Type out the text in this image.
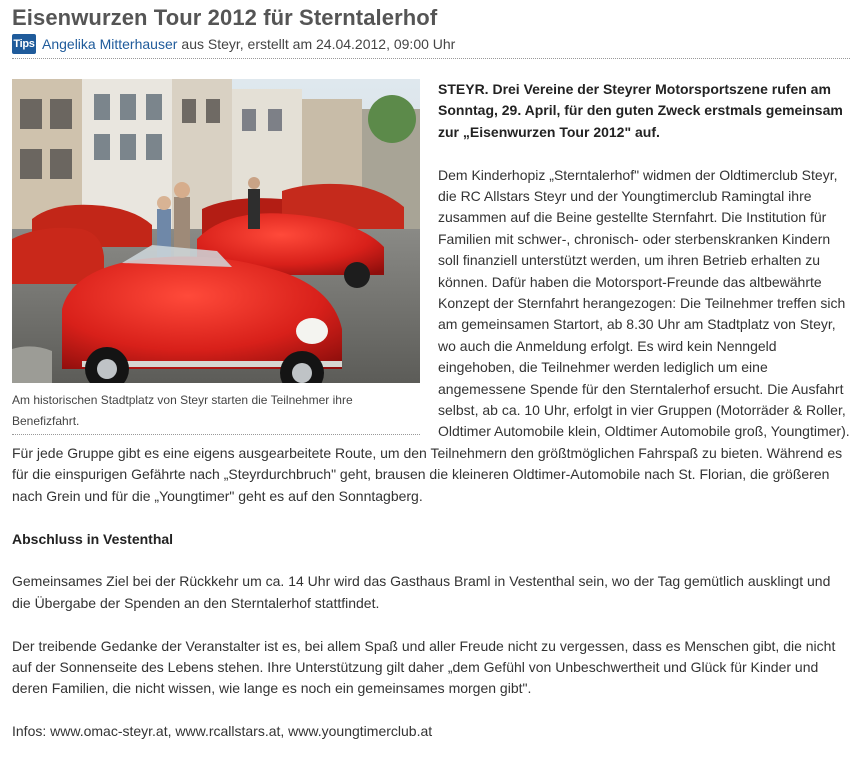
Eisenwurzen Tour 2012 für Sterntalerhof
Tips Angelika Mitterhauser aus Steyr, erstellt am 24.04.2012, 09:00 Uhr
Am historischen Stadtplatz von Steyr starten die Teilnehmer ihre Benefizfahrt.

STEYR. Drei Vereine der Steyrer Motorsportszene rufen am Sonntag, 29. April, für den guten Zweck erstmals gemeinsam zur „Eisenwurzen Tour 2012" auf.

Dem Kinderhopiz „Sterntalerhof" widmen der Oldtimerclub Steyr, die RC Allstars Steyr und der Youngtimerclub Ramingtal ihre zusammen auf die Beine gestellte Sternfahrt. Die Institution für Familien mit schwer-, chronisch- oder sterbenskranken Kindern soll finanziell unterstützt werden, um ihren Betrieb erhalten zu können. Dafür haben die Motorsport-Freunde das altbewährte Konzept der Sternfahrt herangezogen: Die Teilnehmer treffen sich am gemeinsamen Startort, ab 8.30 Uhr am Stadtplatz von Steyr, wo auch die Anmeldung erfolgt. Es wird kein Nenngeld eingehoben, die Teilnehmer werden lediglich um eine angemessene Spende für den Sterntalerhof ersucht. Die Ausfahrt selbst, ab ca. 10 Uhr, erfolgt in vier Gruppen (Motorräder & Roller, Oldtimer Automobile klein, Oldtimer Automobile groß, Youngtimer). Für jede Gruppe gibt es eine eigens ausgearbeitete Route, um den Teilnehmern den größtmöglichen Fahrspaß zu bieten. Während es für die einspurigen Gefährte nach „Steyrdurchbruch" geht, brausen die kleineren Oldtimer-Automobile nach St. Florian, die größeren nach Grein und für die „Youngtimer" geht es auf den Sonntagberg.

Abschluss in Vestenthal

Gemeinsames Ziel bei der Rückkehr um ca. 14 Uhr wird das Gasthaus Braml in Vestenthal sein, wo der Tag gemütlich ausklingt und die Übergabe der Spenden an den Sterntalerhof stattfindet.

Der treibende Gedanke der Veranstalter ist es, bei allem Spaß und aller Freude nicht zu vergessen, dass es Menschen gibt, die nicht auf der Sonnenseite des Lebens stehen. Ihre Unterstützung gilt daher „dem Gefühl von Unbeschwertheit und Glück für Kinder und deren Familien, die nicht wissen, wie lange es noch ein gemeinsames morgen gibt".

Infos: www.omac-steyr.at, www.rcallstars.at, www.youngtimerclub.at
